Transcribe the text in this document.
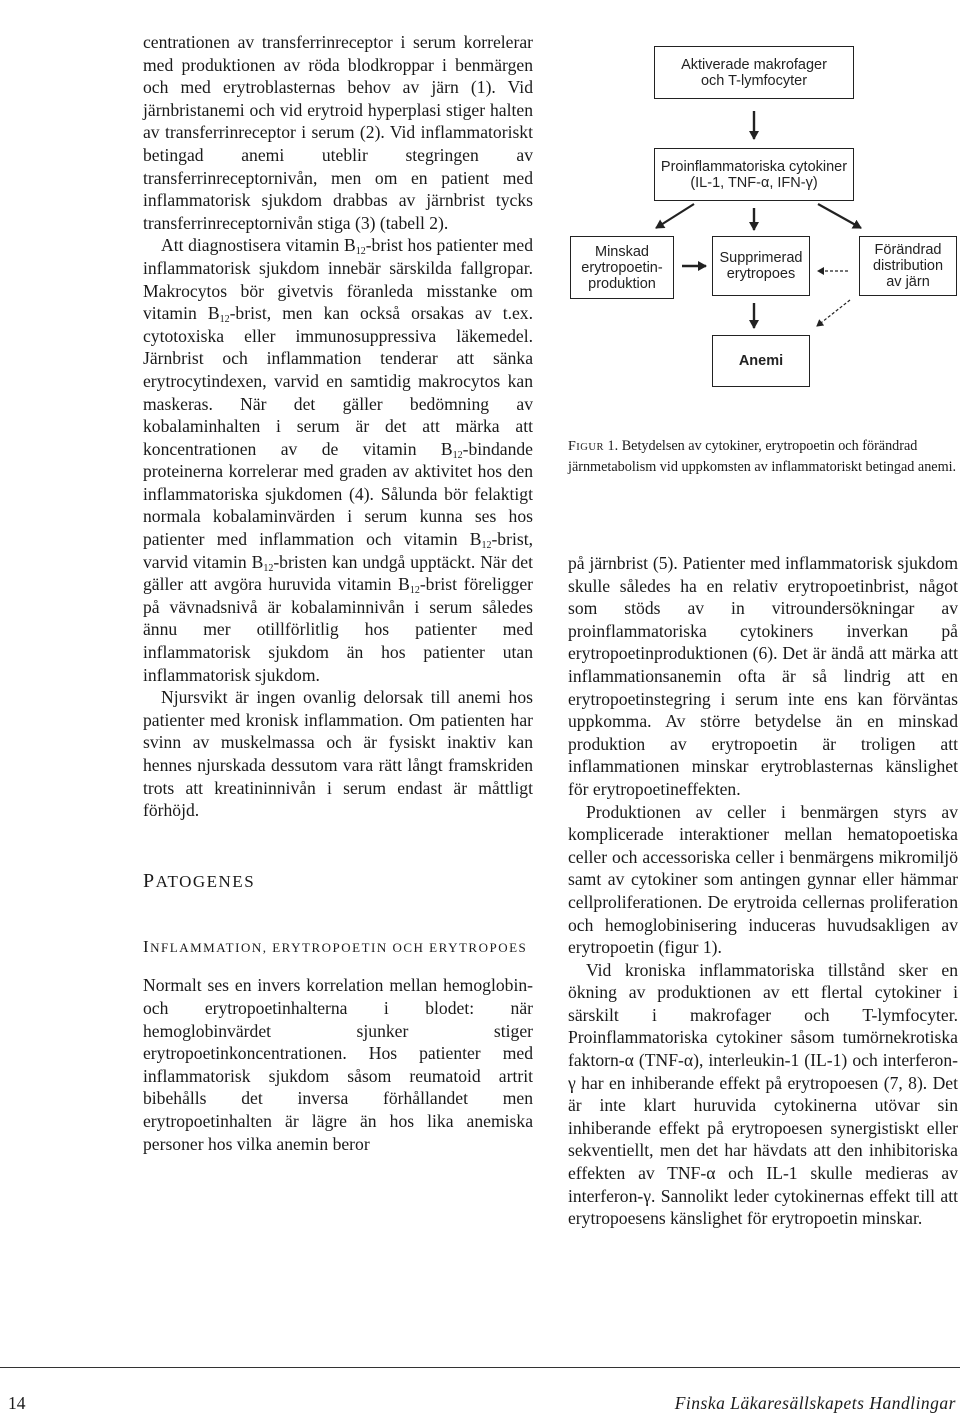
centrationen av transferrinreceptor i serum korrelerar med produktionen av röda blodkroppar i benmärgen och med erytroblasternas behov av järn (1). Vid järnbristanemi och vid erytroid hyperplasi stiger halten av transferrinreceptor i serum (2). Vid inflammatoriskt betingad anemi uteblir stegringen av transferrinreceptornivån, men om en patient med inflammatorisk sjukdom drabbas av järnbrist tycks transferrinreceptornivån stiga (3) (tabell 2).

Att diagnostisera vitamin $B_{12}$-brist hos patienter med inflammatorisk sjukdom innebär särskilda fallgropar. Makrocytos bör givetvis föranleda misstanke om vitamin $B_{12}$-brist, men kan också orsakas av t.ex. cytotoxiska eller immunosuppressiva läkemedel. Järnbrist och inflammation tenderar att sänka erytrocytindexen, varvid en samtidig makrocytos kan maskeras. När det gäller bedömning av kobalaminhalten i serum är det att märka att koncentrationen av de vitamin $B_{12}$-bindande proteinerna korrelerar med graden av aktivitet hos den inflammatoriska sjukdomen (4). Sålunda bör felaktigt normala kobalaminvärden i serum kunna ses hos patienter med inflammation och vitamin $B_{12}$-brist, varvid vitamin $B_{12}$-bristen kan undgå upptäckt. När det gäller att avgöra huruvida vitamin $B_{12}$-brist föreligger på vävnadsnivå är kobalaminnivån i serum således ännu mer otillförlitlig hos patienter med inflammatorisk sjukdom än hos patienter utan inflammatorisk sjukdom.

Njursvikt är ingen ovanlig delorsak till anemi hos patienter med kronisk inflammation. Om patienten har svinn av muskelmassa och är fysiskt inaktiv kan hennes njurskada dessutom vara rätt långt framskriden trots att kreatininnivån i serum endast är måttligt förhöjd.

PATOGENES
INFLAMMATION, ERYTROPOETIN OCH ERYTROPOES

Normalt ses en invers korrelation mellan hemoglobin- och erytropoetinhalterna i blodet: när hemoglobinvärdet sjunker stiger erytropoetinkoncentrationen. Hos patienter med inflammatorisk sjukdom såsom reumatoid artrit bibehålls det inversa förhållandet men erytropoetinhalten är lägre än hos lika anemiska personer hos vilka anemin beror

Aktiverade makrofager
och T-lymfocyter
Proinflammatoriska cytokiner
(IL-1, TNF-α, IFN-γ)
Minskad
erytropoetin-
produktion
Supprimerad
erytropoes
Förändrad
distribution
av järn
Anemi
FIGUR 1. Betydelsen av cytokiner, erytropoetin och förändrad järnmetabolism vid uppkomsten av inflammatoriskt betingad anemi.

på järnbrist (5). Patienter med inflammatorisk sjukdom skulle således ha en relativ erytropoetinbrist, något som stöds av in vitroundersökningar av proinflammatoriska cytokiners inverkan på erytropoetinproduktionen (6). Det är ändå att märka att inflammationsanemin ofta är så lindrig att en erytropoetinstegring i serum inte ens kan förväntas uppkomma. Av större betydelse än en minskad produktion av erytropoetin är troligen att inflammationen minskar erytroblasternas känslighet för erytropoetineffekten.

Produktionen av celler i benmärgen styrs av komplicerade interaktioner mellan hematopoetiska celler och accessoriska celler i benmärgens mikromiljö samt av cytokiner som antingen gynnar eller hämmar cellproliferationen. De erytroida cellernas proliferation och hemoglobinisering induceras huvudsakligen av erytropoetin (figur 1).

Vid kroniska inflammatoriska tillstånd sker en ökning av produktionen av ett flertal cytokiner i särskilt i makrofager och T-lymfocyter. Proinflammatoriska cytokiner såsom tumörnekrotiska faktorn-α (TNF-α), interleukin-1 (IL-1) och interferon-γ har en inhiberande effekt på erytropoesen (7, 8). Det är inte klart huruvida cytokinerna utövar sin inhiberande effekt på erytropoesen synergistiskt eller sekventiellt, men det har hävdats att den inhibitoriska effekten av TNF-α och IL-1 skulle medieras av interferon-γ. Sannolikt leder cytokinernas effekt till att erytropoesens känslighet för erytropoetin minskar.

14	Finska Läkaresällskapets Handlingar
